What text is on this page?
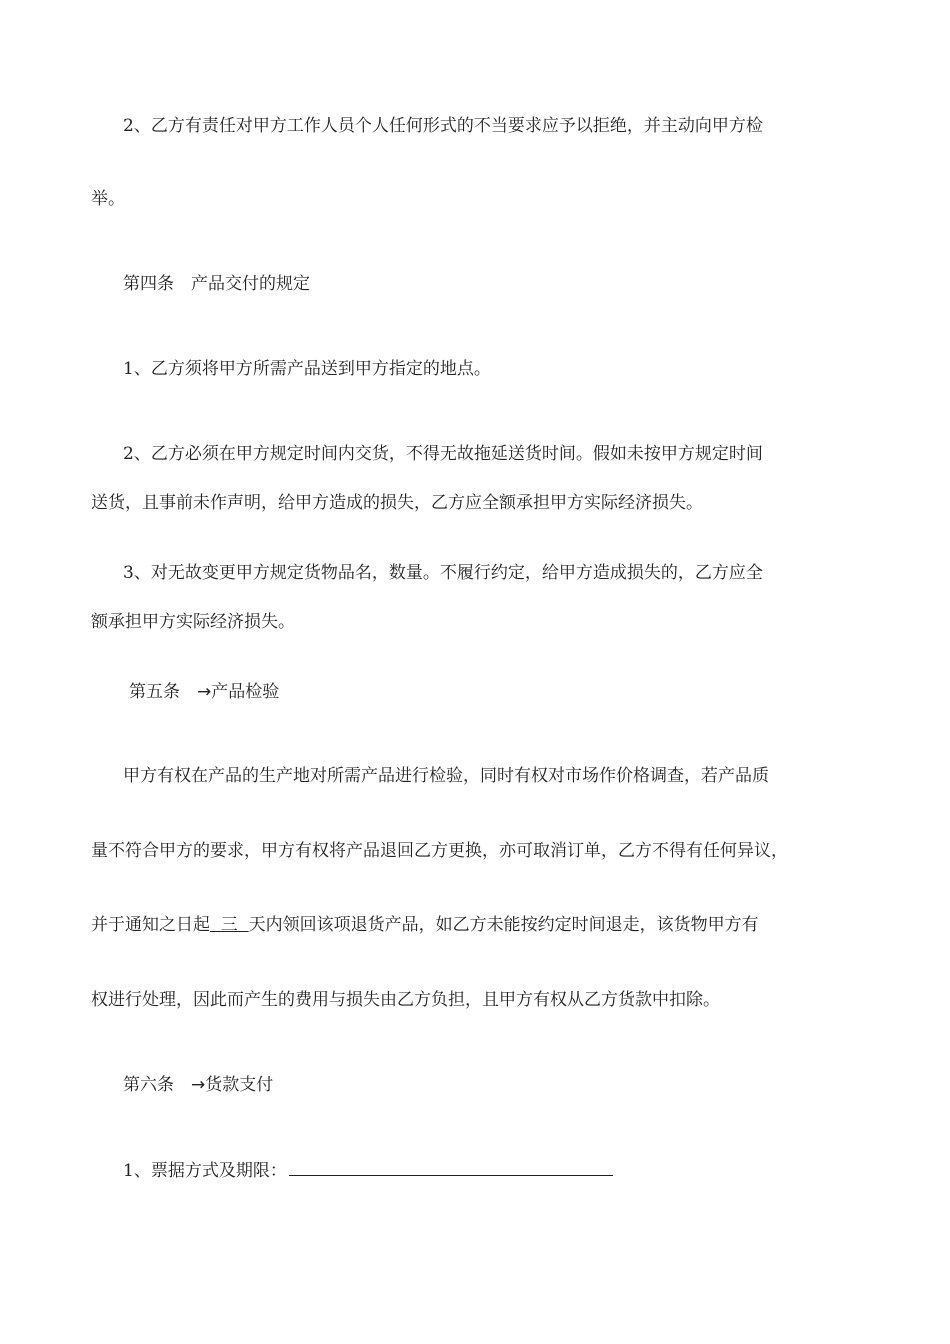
2、乙方有责任对甲方工作人员个人任何形式的不当要求应予以拒绝，并主动向甲方检
举。
第四条　产品交付的规定
1、乙方须将甲方所需产品送到甲方指定的地点。
2、乙方必须在甲方规定时间内交货，不得无故拖延送货时间。假如未按甲方规定时间
送货，且事前未作声明，给甲方造成的损失，乙方应全额承担甲方实际经济损失。
3、对无故变更甲方规定货物品名，数量。不履行约定，给甲方造成损失的，乙方应全
额承担甲方实际经济损失。
第五条　→产品检验
甲方有权在产品的生产地对所需产品进行检验，同时有权对市场作价格调查，若产品质
量不符合甲方的要求，甲方有权将产品退回乙方更换，亦可取消订单，乙方不得有任何异议，
并于通知之日起  三  天内领回该项退货产品，如乙方未能按约定时间退走，该货物甲方有
权进行处理，因此而产生的费用与损失由乙方负担，且甲方有权从乙方货款中扣除。
第六条　→货款支付
1、票据方式及期限：
